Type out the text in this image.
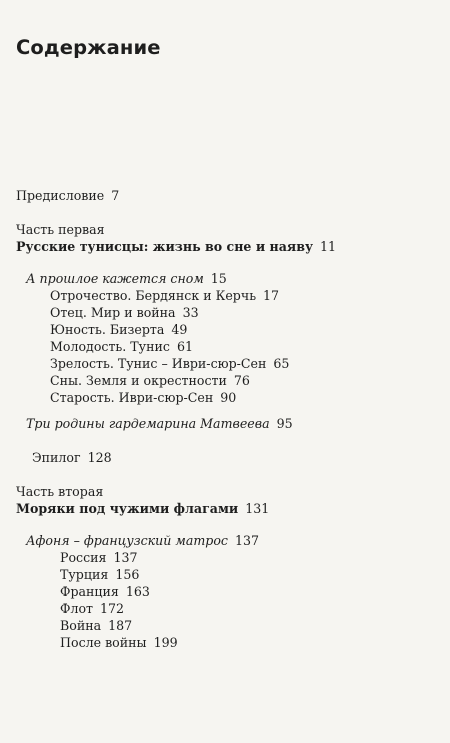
Содержание
Предисловие 7
Часть первая
Русские тунисцы: жизнь во сне и наяву 11
А прошлое кажется сном 15
Отрочество. Бердянск и Керчь 17
Отец. Мир и война 33
Юность. Бизерта 49
Молодость. Тунис 61
Зрелость. Тунис – Иври-сюр-Сен 65
Сны. Земля и окрестности 76
Старость. Иври-сюр-Сен 90
Три родины гардемарина Матвеева 95
Эпилог 128
Часть вторая
Моряки под чужими флагами 131
Афоня – французский матрос 137
Россия 137
Турция 156
Франция 163
Флот 172
Война 187
После войны 199
